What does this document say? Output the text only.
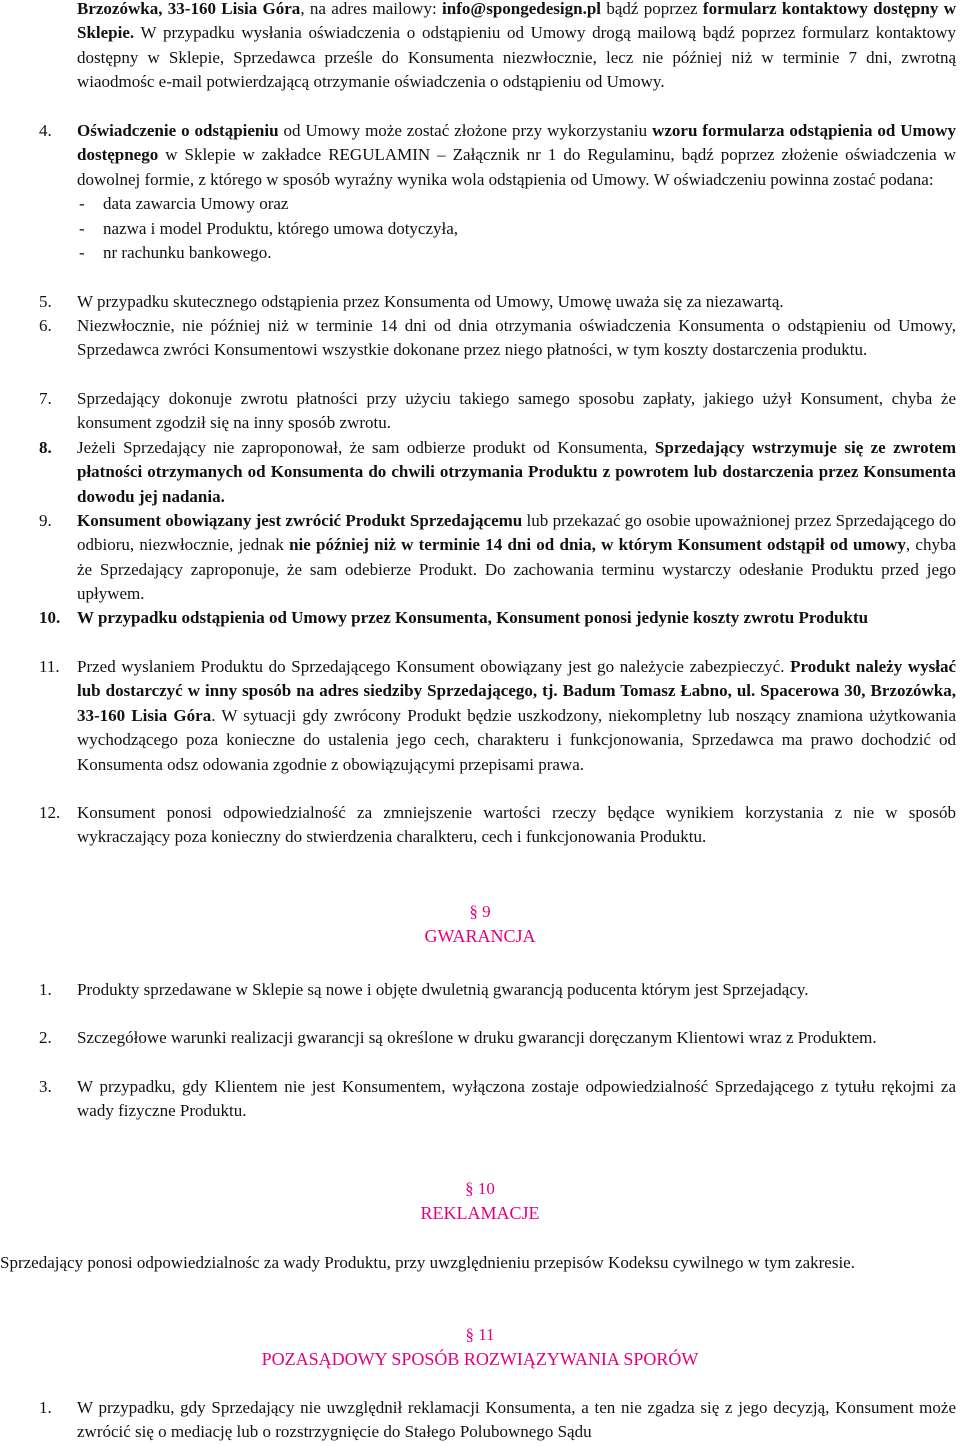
Brzozówka, 33-160 Lisia Góra, na adres mailowy: info@spongedesign.pl bądź poprzez formularz kontaktowy dostępny w Sklepie. W przypadku wysłania oświadczenia o odstąpieniu od Umowy drogą mailową bądź poprzez formularz kontaktowy dostępny w Sklepie, Sprzedawca prześle do Konsumenta niezwłocznie, lecz nie później niż w terminie 7 dni, zwrotną wiaodmośc e-mail potwierdzającą otrzymanie oświadczenia o odstąpieniu od Umowy.
4. Oświadczenie o odstąpieniu od Umowy może zostać złożone przy wykorzystaniu wzoru formularza odstąpienia od Umowy dostępnego w Sklepie w zakładce REGULAMIN – Załącznik nr 1 do Regulaminu, bądź poprzez złożenie oświadczenia w dowolnej formie, z którego w sposób wyraźny wynika wola odstąpienia od Umowy. W oświadczeniu powinna zostać podana:
- data zawarcia Umowy oraz
- nazwa i model Produktu, którego umowa dotyczyła,
- nr rachunku bankowego.
5. W przypadku skutecznego odstąpienia przez Konsumenta od Umowy, Umowę uważa się za niezawartą.
6. Niezwłocznie, nie później niż w terminie 14 dni od dnia otrzymania oświadczenia Konsumenta o odstąpieniu od Umowy, Sprzedawca zwróci Konsumentowi wszystkie dokonane przez niego płatności, w tym koszty dostarczenia produktu.
7. Sprzedający dokonuje zwrotu płatności przy użyciu takiego samego sposobu zapłaty, jakiego użył Konsument, chyba że konsument zgodził się na inny sposób zwrotu.
8. Jeżeli Sprzedający nie zaproponował, że sam odbierze produkt od Konsumenta, Sprzedający wstrzymuje się ze zwrotem płatności otrzymanych od Konsumenta do chwili otrzymania Produktu z powrotem lub dostarczenia przez Konsumenta dowodu jej nadania.
9. Konsument obowiązany jest zwrócić Produkt Sprzedającemu lub przekazać go osobie upoważnionej przez Sprzedającego do odbioru, niezwłocznie, jednak nie później niż w terminie 14 dni od dnia, w którym Konsument odstąpił od umowy, chyba że Sprzedający zaproponuje, że sam odebierze Produkt. Do zachowania terminu wystarczy odesłanie Produktu przed jego upływem.
10. W przypadku odstąpienia od Umowy przez Konsumenta, Konsument ponosi jedynie koszty zwrotu Produktu
11. Przed wyslaniem Produktu do Sprzedającego Konsument obowiązany jest go należycie zabezpieczyć. Produkt należy wysłać lub dostarczyć w inny sposób na adres siedziby Sprzedającego, tj. Badum Tomasz Łabno, ul. Spacerowa 30, Brzozówka, 33-160 Lisia Góra. W sytuacji gdy zwrócony Produkt będzie uszkodzony, niekompletny lub noszący znamiona użytkowania wychodzącego poza konieczne do ustalenia jego cech, charakteru i funkcjonowania, Sprzedawca ma prawo dochodzić od Konsumenta odsz odowania zgodnie z obowiązującymi przepisami prawa.
12. Konsument ponosi odpowiedzialność za zmniejszenie wartości rzeczy będące wynikiem korzystania z nie w sposób wykraczający poza konieczny do stwierdzenia charalkteru, cech i funkcjonowania Produktu.
§ 9
GWARANCJA
1. Produkty sprzedawane w Sklepie są nowe i objęte dwuletnią gwarancją poducenta którym jest Sprzejadący.
2. Szczegółowe warunki realizacji gwarancji są określone w druku gwarancji doręczanym Klientowi wraz z Produktem.
3. W przypadku, gdy Klientem nie jest Konsumentem, wyłączona zostaje odpowiedzialność Sprzedającego z tytułu rękojmi za wady fizyczne Produktu.
§ 10
REKLAMACJE
Sprzedający ponosi odpowiedzialnośc za wady Produktu, przy uwzględnieniu przepisów Kodeksu cywilnego w tym zakresie.
§ 11
POZASĄDOWY SPOSÓB ROZWIĄZYWANIA SPORÓW
1. W przypadku, gdy Sprzedający nie uwzględnił reklamacji Konsumenta, a ten nie zgadza się z jego decyzją, Konsument może zwrócić się o mediację lub o rozstrzygnięcie do Stałego Polubownego Sądu
